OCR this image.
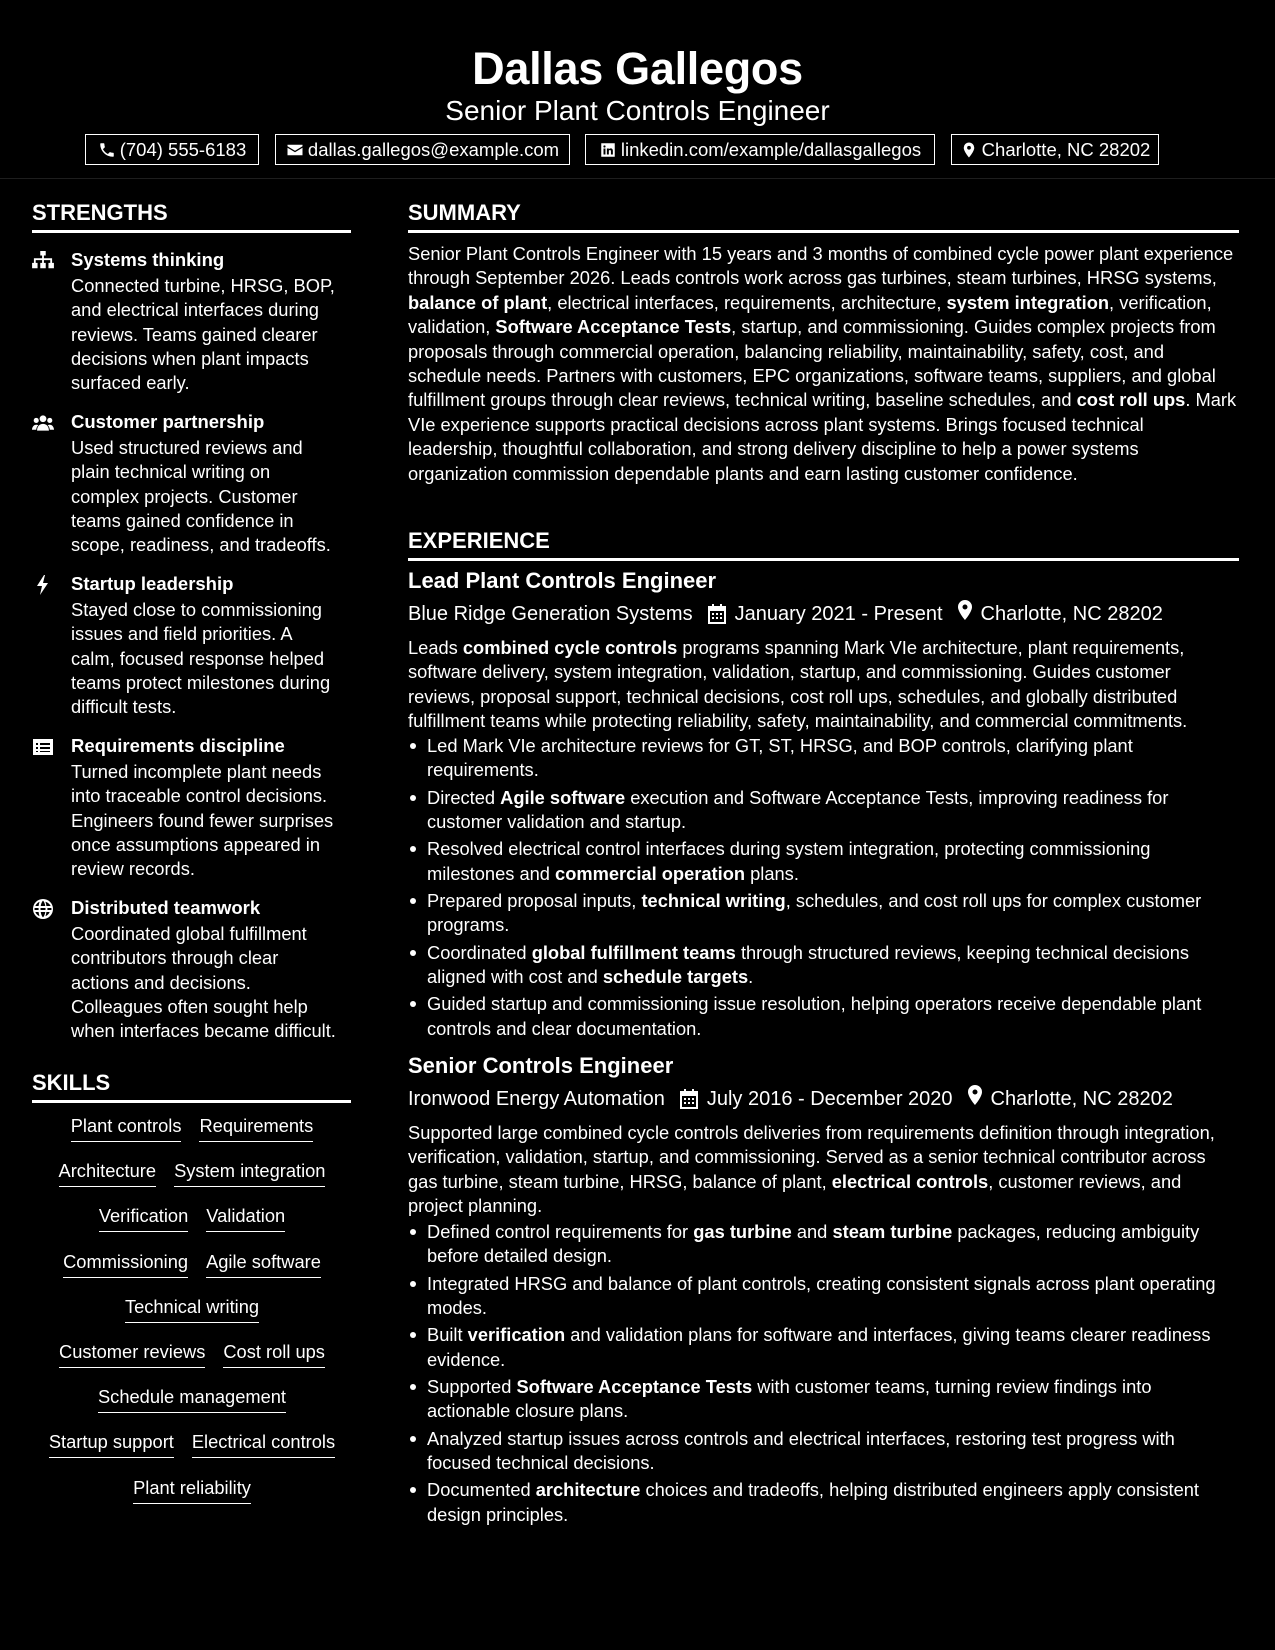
Dallas Gallegos
Senior Plant Controls Engineer
(704) 555-6183	dallas.gallegos@example.com	linkedin.com/example/dallasgallegos	Charlotte, NC 28202
STRENGTHS
Systems thinking
Connected turbine, HRSG, BOP,
and electrical interfaces during
reviews. Teams gained clearer
decisions when plant impacts
surfaced early.
Customer partnership
Used structured reviews and
plain technical writing on
complex projects. Customer
teams gained confidence in
scope, readiness, and tradeoffs.
Startup leadership
Stayed close to commissioning
issues and field priorities. A
calm, focused response helped
teams protect milestones during
difficult tests.
Requirements discipline
Turned incomplete plant needs
into traceable control decisions.
Engineers found fewer surprises
once assumptions appeared in
review records.
Distributed teamwork
Coordinated global fulfillment
contributors through clear
actions and decisions.
Colleagues often sought help
when interfaces became difficult.
SKILLS
Plant controls Requirements
Architecture System integration
Verification Validation
Commissioning Agile software
Technical writing
Customer reviews Cost roll ups
Schedule management
Startup support Electrical controls
Plant reliability
SUMMARY
Senior Plant Controls Engineer with 15 years and 3 months of combined cycle power plant experience through September 2026. Leads controls work across gas turbines, steam turbines, HRSG systems, balance of plant, electrical interfaces, requirements, architecture, system integration, verification, validation, Software Acceptance Tests, startup, and commissioning. Guides complex projects from proposals through commercial operation, balancing reliability, maintainability, safety, cost, and schedule needs. Partners with customers, EPC organizations, software teams, suppliers, and global fulfillment groups through clear reviews, technical writing, baseline schedules, and cost roll ups. Mark VIe experience supports practical decisions across plant systems. Brings focused technical leadership, thoughtful collaboration, and strong delivery discipline to help a power systems organization commission dependable plants and earn lasting customer confidence.
EXPERIENCE
Lead Plant Controls Engineer
Blue Ridge Generation Systems January 2021 - Present Charlotte, NC 28202
Leads combined cycle controls programs spanning Mark VIe architecture, plant requirements, software delivery, system integration, validation, startup, and commissioning. Guides customer reviews, proposal support, technical decisions, cost roll ups, schedules, and globally distributed fulfillment teams while protecting reliability, safety, maintainability, and commercial commitments.
Led Mark VIe architecture reviews for GT, ST, HRSG, and BOP controls, clarifying plant requirements.
Directed Agile software execution and Software Acceptance Tests, improving readiness for customer validation and startup.
Resolved electrical control interfaces during system integration, protecting commissioning milestones and commercial operation plans.
Prepared proposal inputs, technical writing, schedules, and cost roll ups for complex customer programs.
Coordinated global fulfillment teams through structured reviews, keeping technical decisions aligned with cost and schedule targets.
Guided startup and commissioning issue resolution, helping operators receive dependable plant controls and clear documentation.
Senior Controls Engineer
Ironwood Energy Automation July 2016 - December 2020 Charlotte, NC 28202
Supported large combined cycle controls deliveries from requirements definition through integration, verification, validation, startup, and commissioning. Served as a senior technical contributor across gas turbine, steam turbine, HRSG, balance of plant, electrical controls, customer reviews, and project planning.
Defined control requirements for gas turbine and steam turbine packages, reducing ambiguity before detailed design.
Integrated HRSG and balance of plant controls, creating consistent signals across plant operating modes.
Built verification and validation plans for software and interfaces, giving teams clearer readiness evidence.
Supported Software Acceptance Tests with customer teams, turning review findings into actionable closure plans.
Analyzed startup issues across controls and electrical interfaces, restoring test progress with focused technical decisions.
Documented architecture choices and tradeoffs, helping distributed engineers apply consistent design principles.
